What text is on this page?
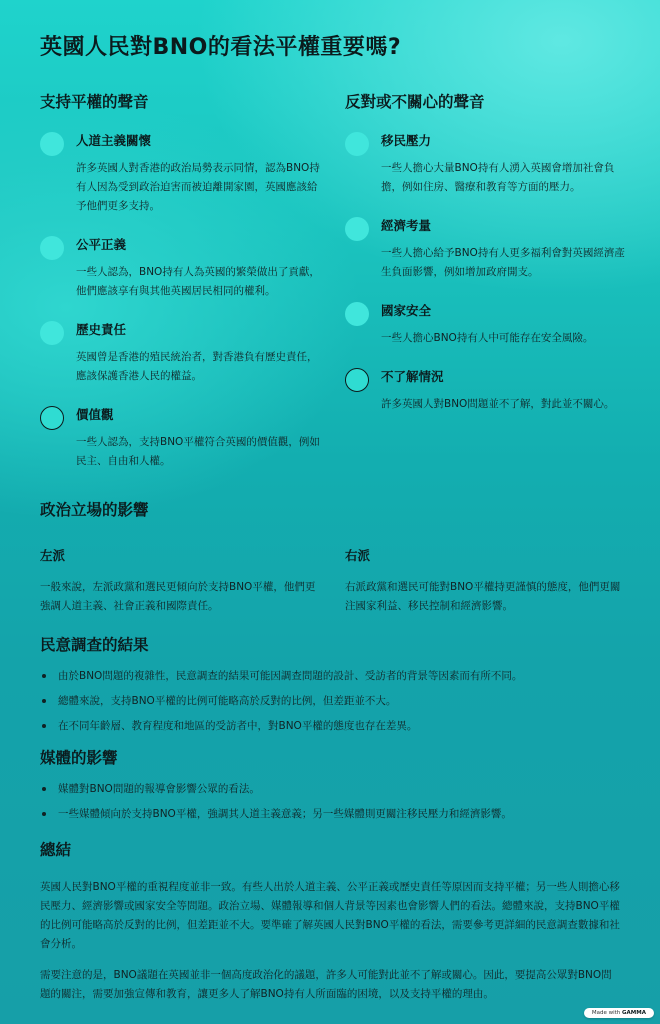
英國人民對BNO的看法平權重要嗎?
支持平權的聲音
人道主義關懷
許多英國人對香港的政治局勢表示同情，認為BNO持有人因為受到政治迫害而被迫離開家園，英國應該給予他們更多支持。
公平正義
一些人認為，BNO持有人為英國的繁榮做出了貢獻，他們應該享有與其他英國居民相同的權利。
歷史責任
英國曾是香港的殖民統治者，對香港負有歷史責任，應該保護香港人民的權益。
價值觀
一些人認為，支持BNO平權符合英國的價值觀，例如民主、自由和人權。
反對或不關心的聲音
移民壓力
一些人擔心大量BNO持有人湧入英國會增加社會負擔，例如住房、醫療和教育等方面的壓力。
經濟考量
一些人擔心給予BNO持有人更多福利會對英國經濟產生負面影響，例如增加政府開支。
國家安全
一些人擔心BNO持有人中可能存在安全風險。
不了解情況
許多英國人對BNO問題並不了解，對此並不關心。
政治立場的影響
左派
一般來說，左派政黨和選民更傾向於支持BNO平權，他們更強調人道主義、社會正義和國際責任。
右派
右派政黨和選民可能對BNO平權持更謹慎的態度，他們更關注國家利益、移民控制和經濟影響。
民意調查的結果
由於BNO問題的複雜性，民意調查的結果可能因調查問題的設計、受訪者的背景等因素而有所不同。
總體來說，支持BNO平權的比例可能略高於反對的比例，但差距並不大。
在不同年齡層、教育程度和地區的受訪者中，對BNO平權的態度也存在差異。
媒體的影響
媒體對BNO問題的報導會影響公眾的看法。
一些媒體傾向於支持BNO平權，強調其人道主義意義；另一些媒體則更關注移民壓力和經濟影響。
總結

英國人民對BNO平權的重視程度並非一致。有些人出於人道主義、公平正義或歷史責任等原因而支持平權；另一些人則擔心移民壓力、經濟影響或國家安全等問題。政治立場、媒體報導和個人背景等因素也會影響人們的看法。總體來說，支持BNO平權的比例可能略高於反對的比例，但差距並不大。要準確了解英國人民對BNO平權的看法，需要參考更詳細的民意調查數據和社會分析。

需要注意的是，BNO議題在英國並非一個高度政治化的議題，許多人可能對此並不了解或關心。因此，要提高公眾對BNO問題的關注，需要加強宣傳和教育，讓更多人了解BNO持有人所面臨的困境，以及支持平權的理由。

Made with GAMMA
